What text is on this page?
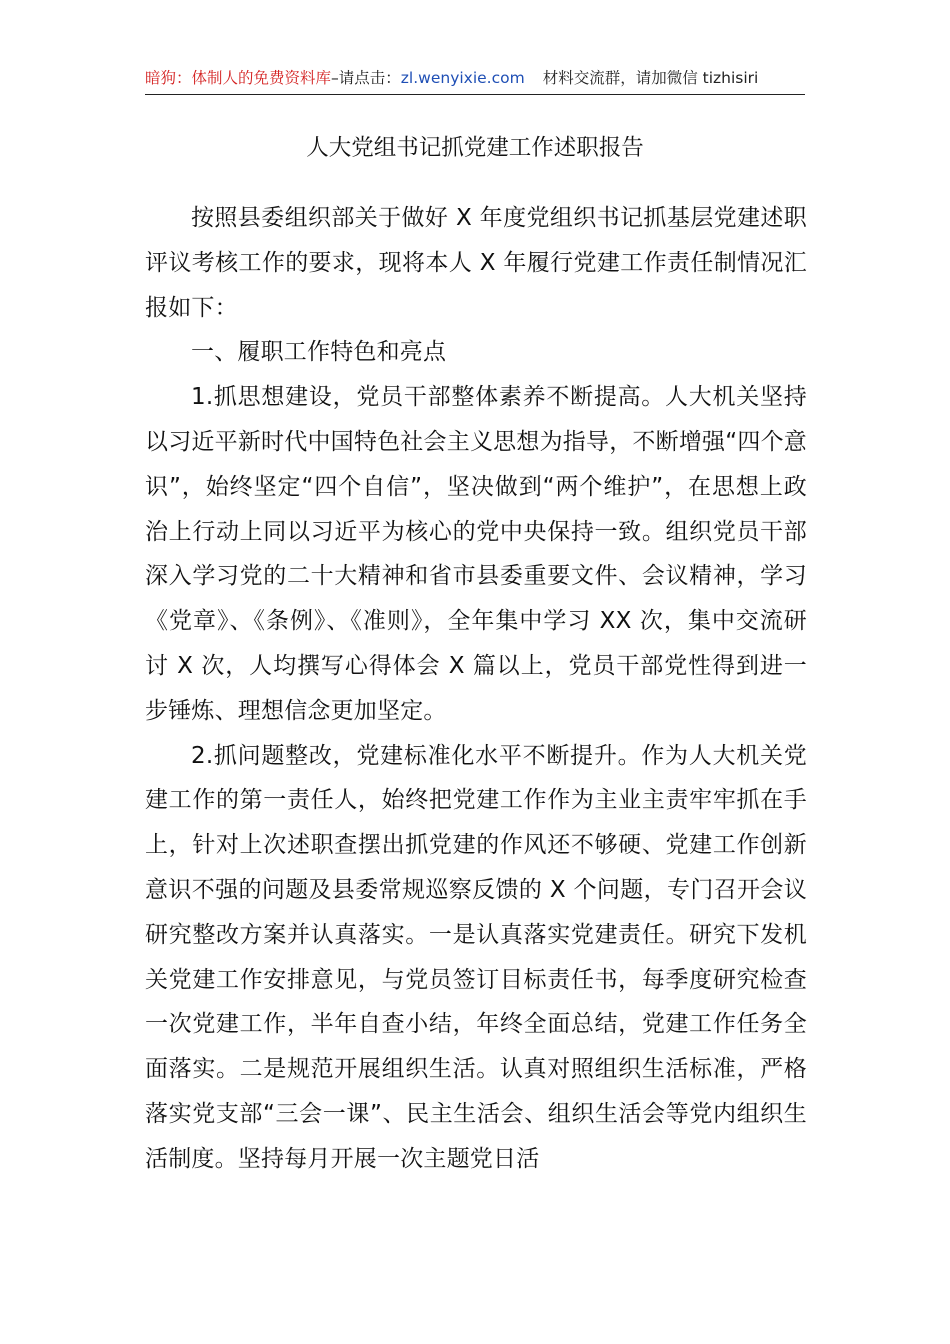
暗狗：体制人的免费资料库–请点击：zl.wenyixie.com 材料交流群，请加微信 tizhisiri
人大党组书记抓党建工作述职报告

按照县委组织部关于做好 X 年度党组织书记抓基层党建述职评议考核工作的要求，现将本人 X 年履行党建工作责任制情况汇报如下：

一、履职工作特色和亮点

1.抓思想建设，党员干部整体素养不断提高。人大机关坚持以习近平新时代中国特色社会主义思想为指导，不断增强“四个意识”，始终坚定“四个自信”，坚决做到“两个维护”，在思想上政治上行动上同以习近平为核心的党中央保持一致。组织党员干部深入学习党的二十大精神和省市县委重要文件、会议精神，学习《党章》、《条例》、《准则》，全年集中学习 XX 次，集中交流研讨 X 次，人均撰写心得体会 X 篇以上，党员干部党性得到进一步锤炼、理想信念更加坚定。

2.抓问题整改，党建标准化水平不断提升。作为人大机关党建工作的第一责任人，始终把党建工作作为主业主责牢牢抓在手上，针对上次述职查摆出抓党建的作风还不够硬、党建工作创新意识不强的问题及县委常规巡察反馈的 X 个问题，专门召开会议研究整改方案并认真落实。一是认真落实党建责任。研究下发机关党建工作安排意见，与党员签订目标责任书，每季度研究检查一次党建工作，半年自查小结，年终全面总结，党建工作任务全面落实。二是规范开展组织生活。认真对照组织生活标准，严格落实党支部“三会一课”、民主生活会、组织生活会等党内组织生活制度。坚持每月开展一次主题党日活
